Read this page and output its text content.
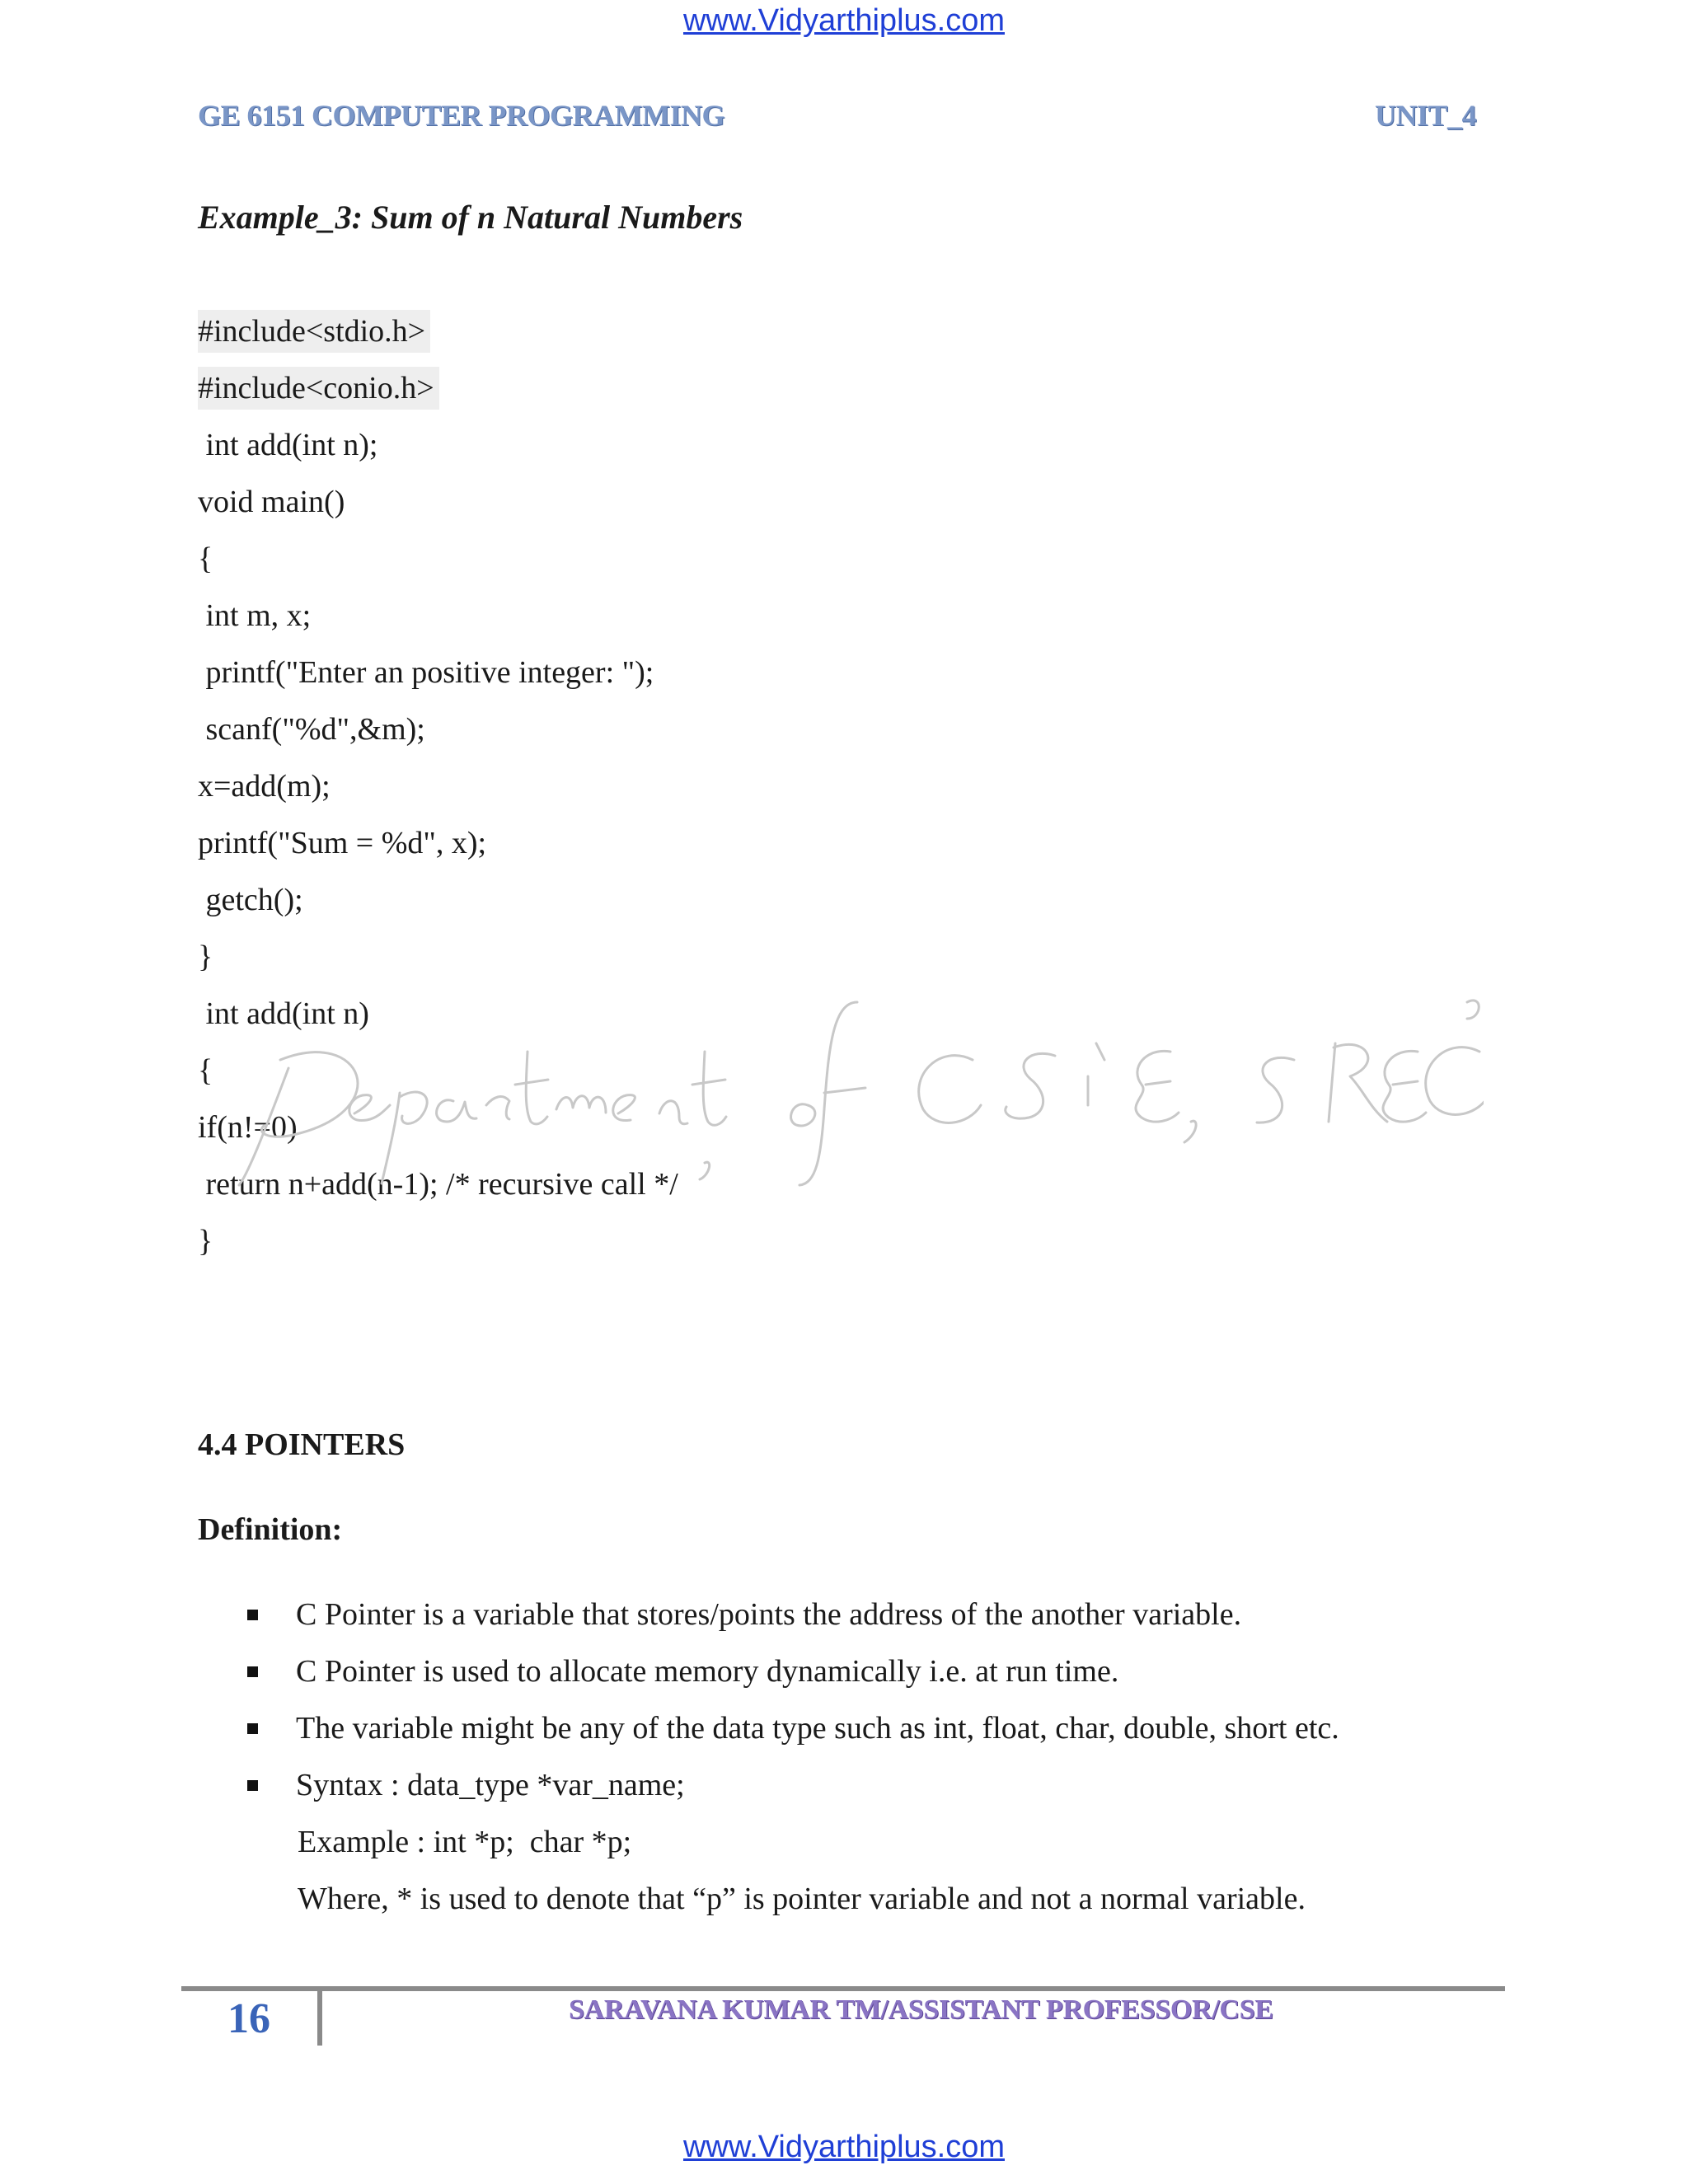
www.Vidyarthiplus.com
GE 6151 COMPUTER PROGRAMMING	UNIT_4
Example_3: Sum of n Natural Numbers
#include<stdio.h>
#include<conio.h>
int add(int n);
void main()
{
int m, x;
printf("Enter an positive integer: ");
scanf("%d",&m);
x=add(m);
printf("Sum = %d", x);
getch();
}
int add(int n)
{
if(n!=0)
return n+add(n-1); /* recursive call */
}
4.4 POINTERS
Definition:
C Pointer is a variable that stores/points the address of the another variable.
C Pointer is used to allocate memory dynamically i.e. at run time.
The variable might be any of the data type such as int, float, char, double, short etc.
Syntax : data_type *var_name;
Example : int *p;  char *p;
Where, * is used to denote that “p” is pointer variable and not a normal variable.
16	SARAVANA KUMAR TM/ASSISTANT PROFESSOR/CSE
www.Vidyarthiplus.com
